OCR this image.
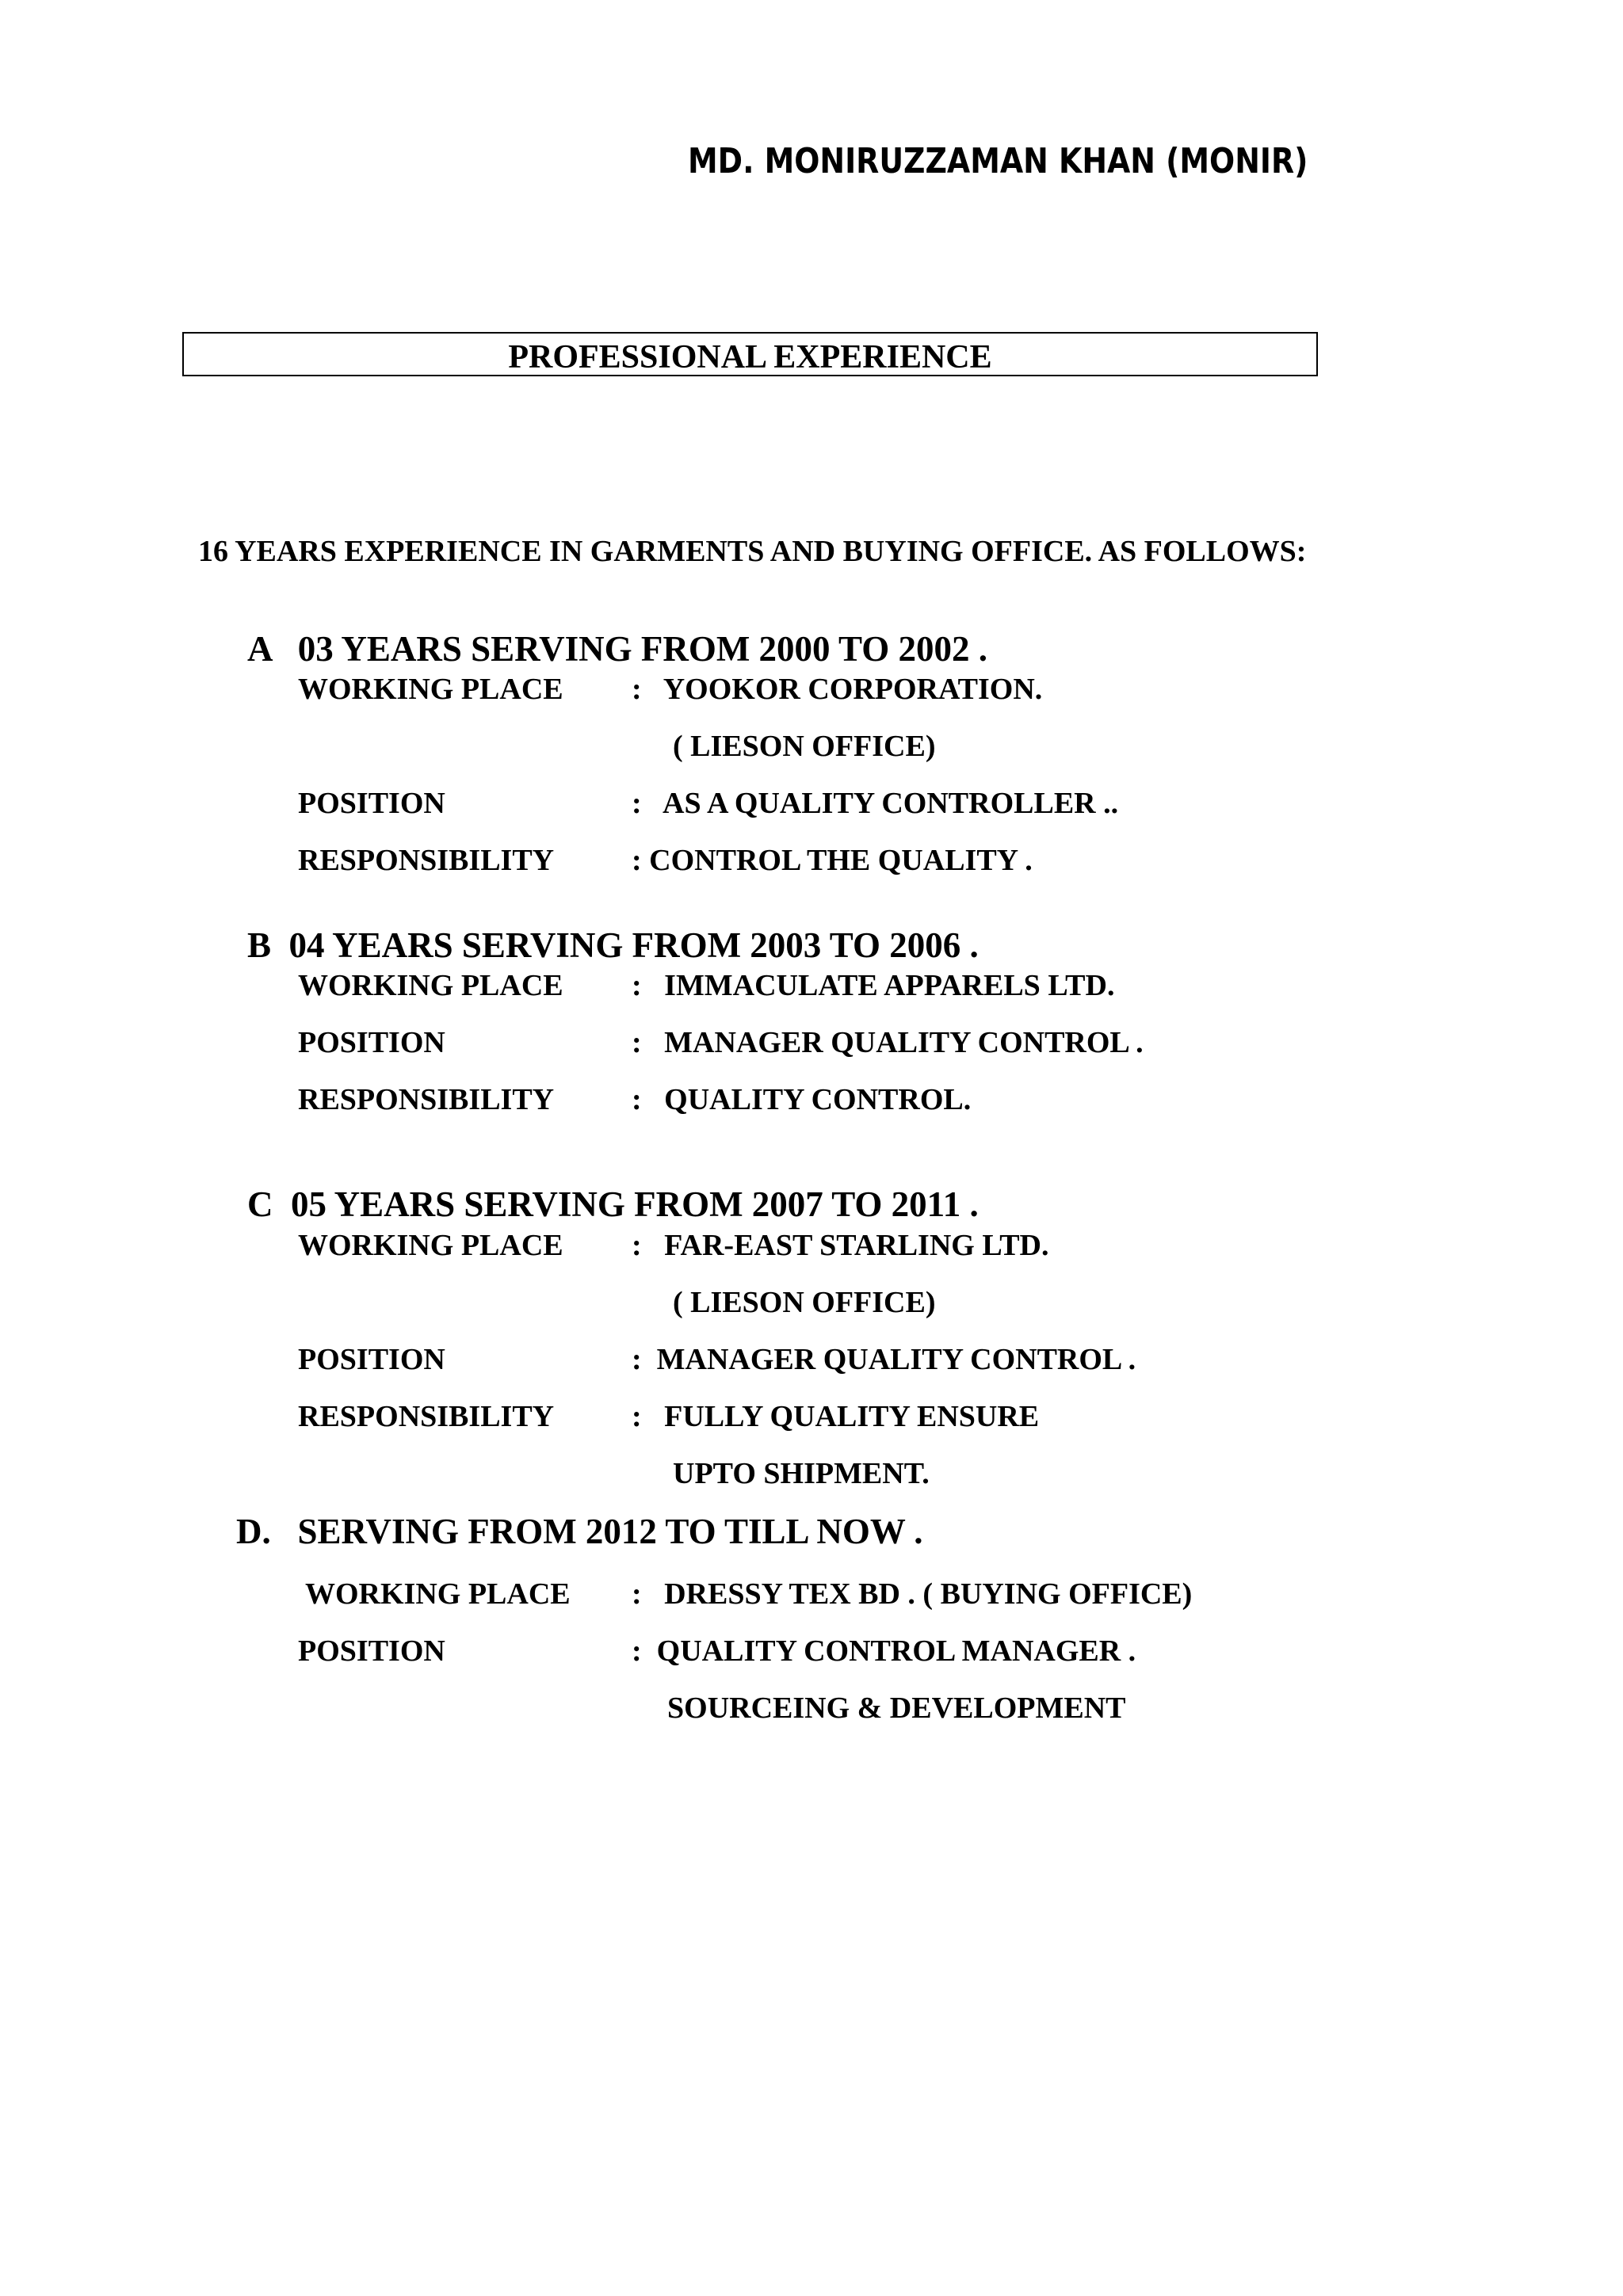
MD. MONIRUZZAMAN KHAN (MONIR)
PROFESSIONAL EXPERIENCE
16 YEARS EXPERIENCE IN GARMENTS AND BUYING OFFICE. AS FOLLOWS:
A   03 YEARS SERVING FROM 2000 TO 2002 .
WORKING PLACE :   YOOKOR CORPORATION.
( LIESON OFFICE)
POSITION	:   AS A QUALITY CONTROLLER ..
RESPONSIBILITY	: CONTROL THE QUALITY .
B  04 YEARS SERVING FROM 2003 TO 2006 .
WORKING PLACE :   IMMACULATE APPARELS LTD.
POSITION	:   MANAGER QUALITY CONTROL .
RESPONSIBILITY	:   QUALITY CONTROL.
C  05 YEARS SERVING FROM 2007 TO 2011 .
WORKING PLACE :   FAR-EAST STARLING LTD.
( LIESON OFFICE)
POSITION	:  MANAGER QUALITY CONTROL .
RESPONSIBILITY	:   FULLY QUALITY ENSURE
UPTO SHIPMENT.
D.   SERVING FROM 2012 TO TILL NOW .
WORKING PLACE :   DRESSY TEX BD . ( BUYING OFFICE)
POSITION	:  QUALITY CONTROL MANAGER .
SOURCEING & DEVELOPMENT
